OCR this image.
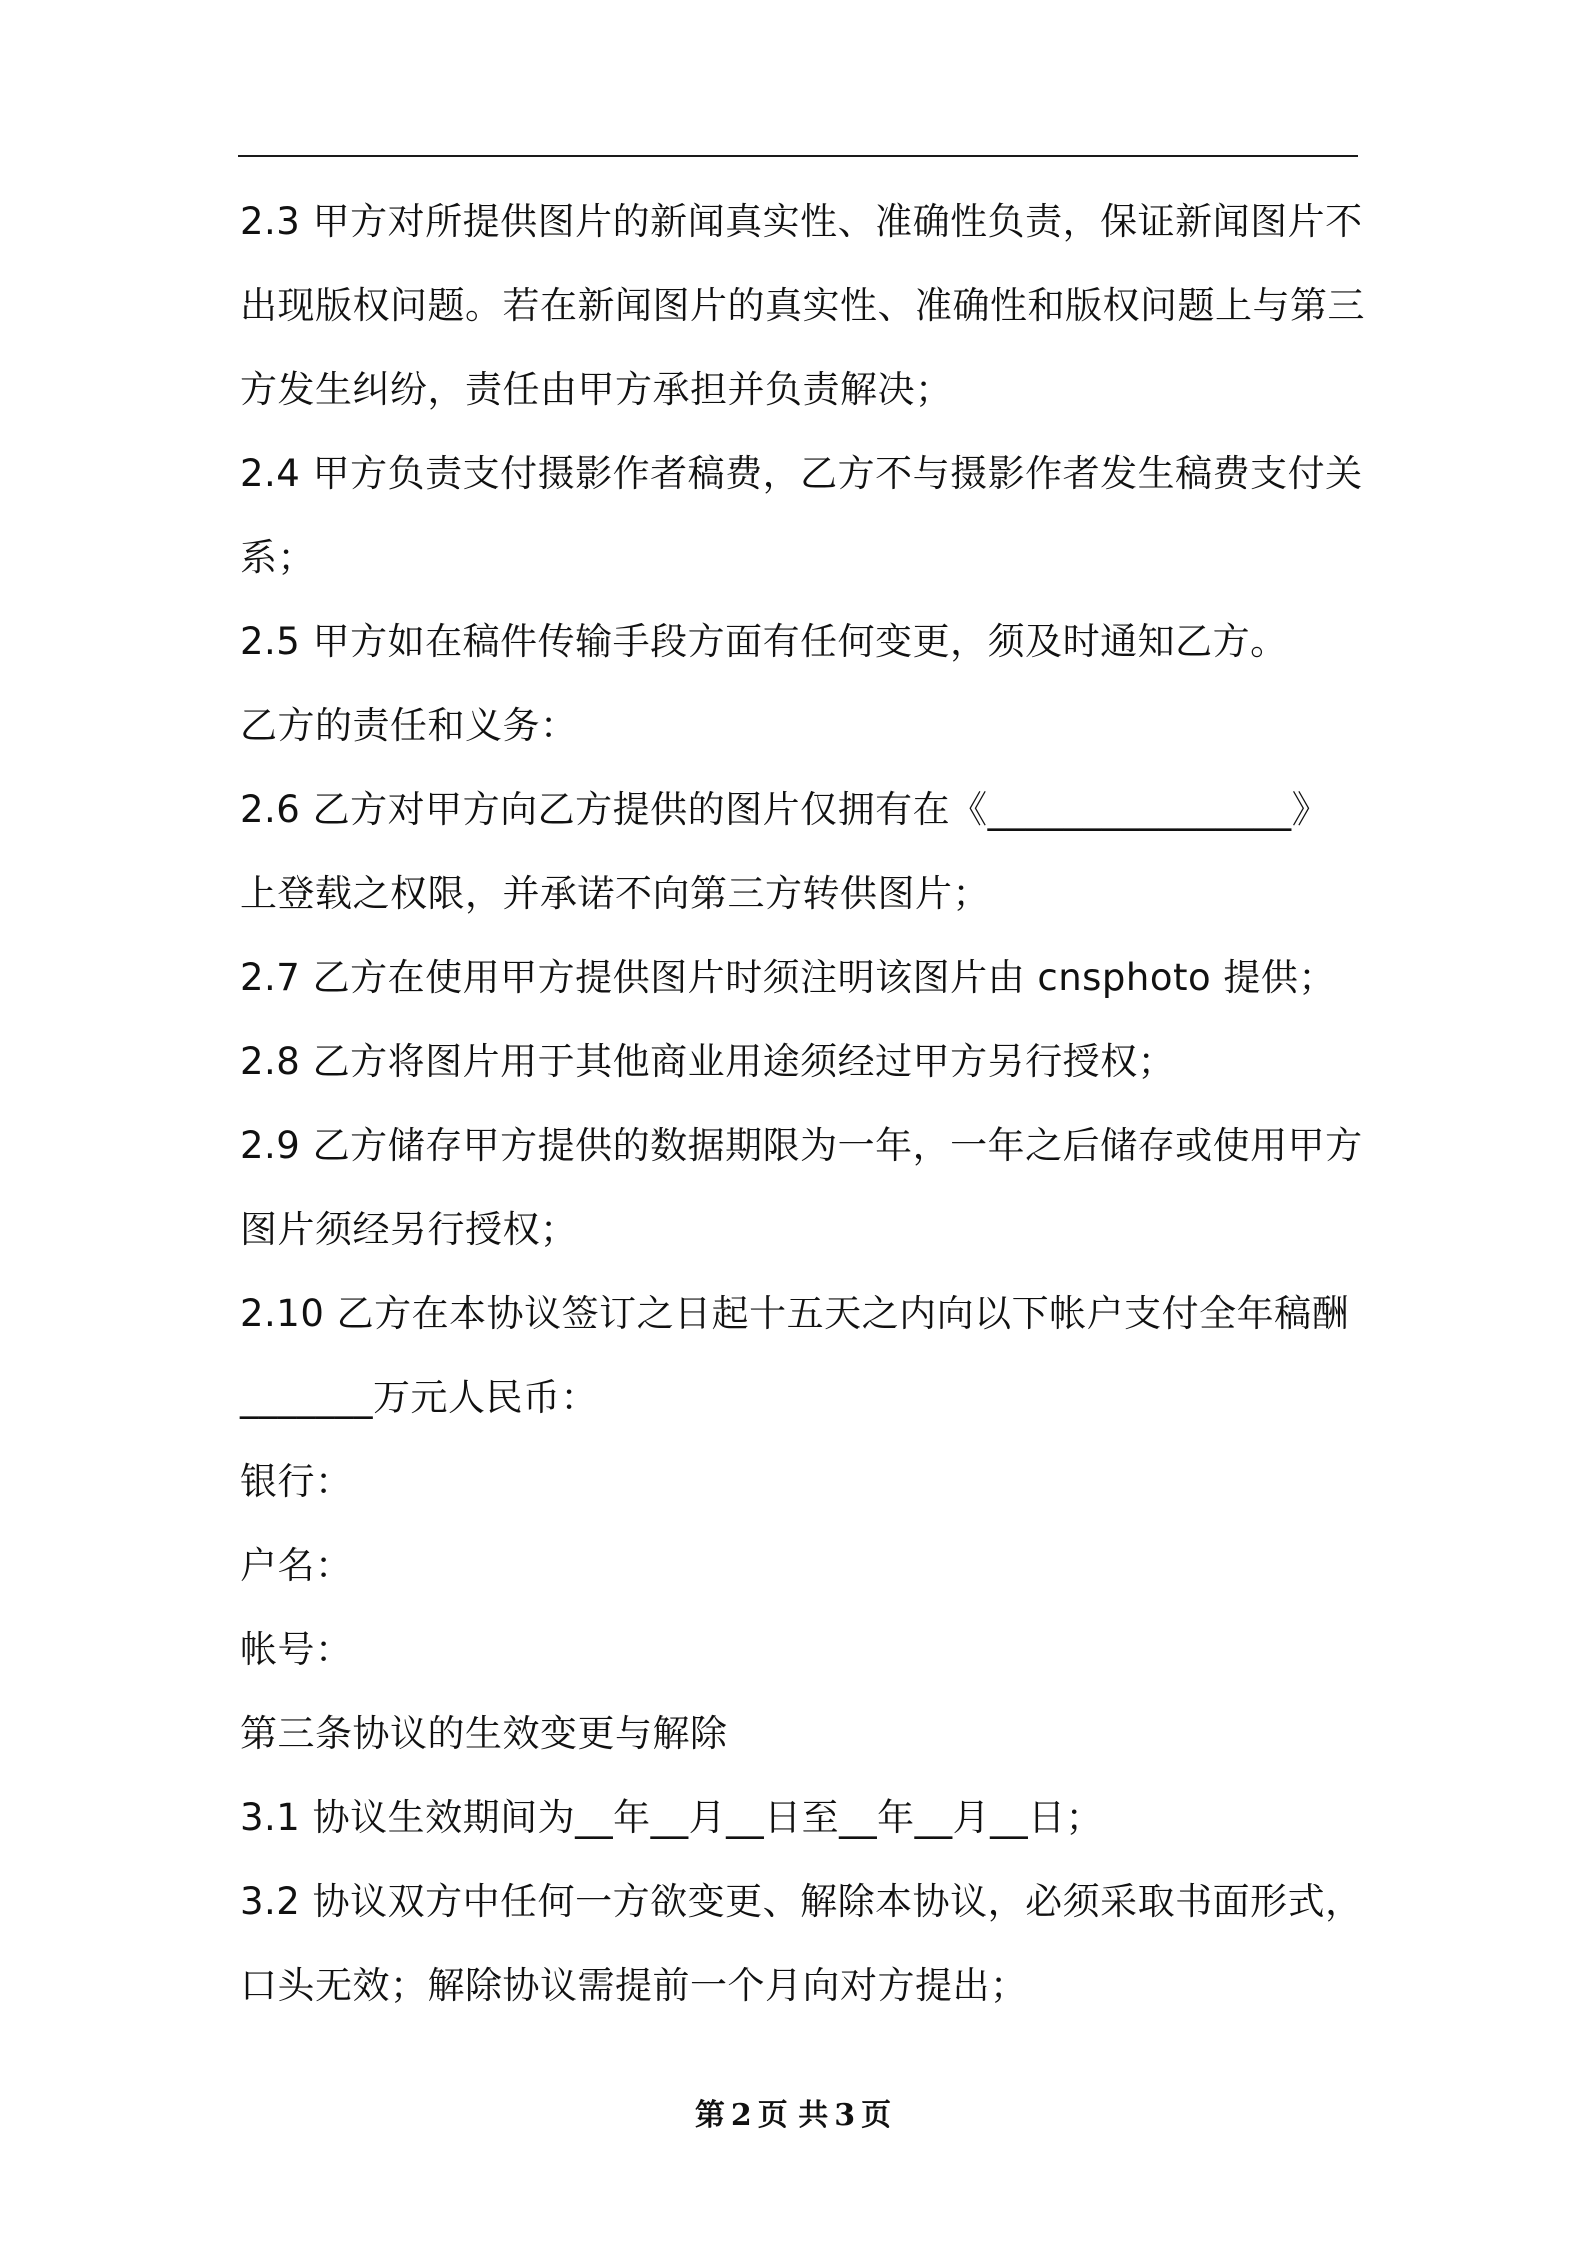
2.3 甲方对所提供图片的新闻真实性、准确性负责，保证新闻图片不
出现版权问题。若在新闻图片的真实性、准确性和版权问题上与第三
方发生纠纷，责任由甲方承担并负责解决；
2.4 甲方负责支付摄影作者稿费，乙方不与摄影作者发生稿费支付关
系；
2.5 甲方如在稿件传输手段方面有任何变更，须及时通知乙方。
乙方的责任和义务：
2.6 乙方对甲方向乙方提供的图片仅拥有在《________________》
上登载之权限，并承诺不向第三方转供图片；
2.7 乙方在使用甲方提供图片时须注明该图片由 cnsphoto 提供；
2.8 乙方将图片用于其他商业用途须经过甲方另行授权；
2.9 乙方储存甲方提供的数据期限为一年，一年之后储存或使用甲方
图片须经另行授权；
2.10 乙方在本协议签订之日起十五天之内向以下帐户支付全年稿酬
_______万元人民币：
银行：
户名：
帐号：
第三条协议的生效变更与解除
3.1 协议生效期间为__年__月__日至__年__月__日；
3.2 协议双方中任何一方欲变更、解除本协议，必须采取书面形式，
口头无效；解除协议需提前一个月向对方提出；
第 2 页 共 3 页
